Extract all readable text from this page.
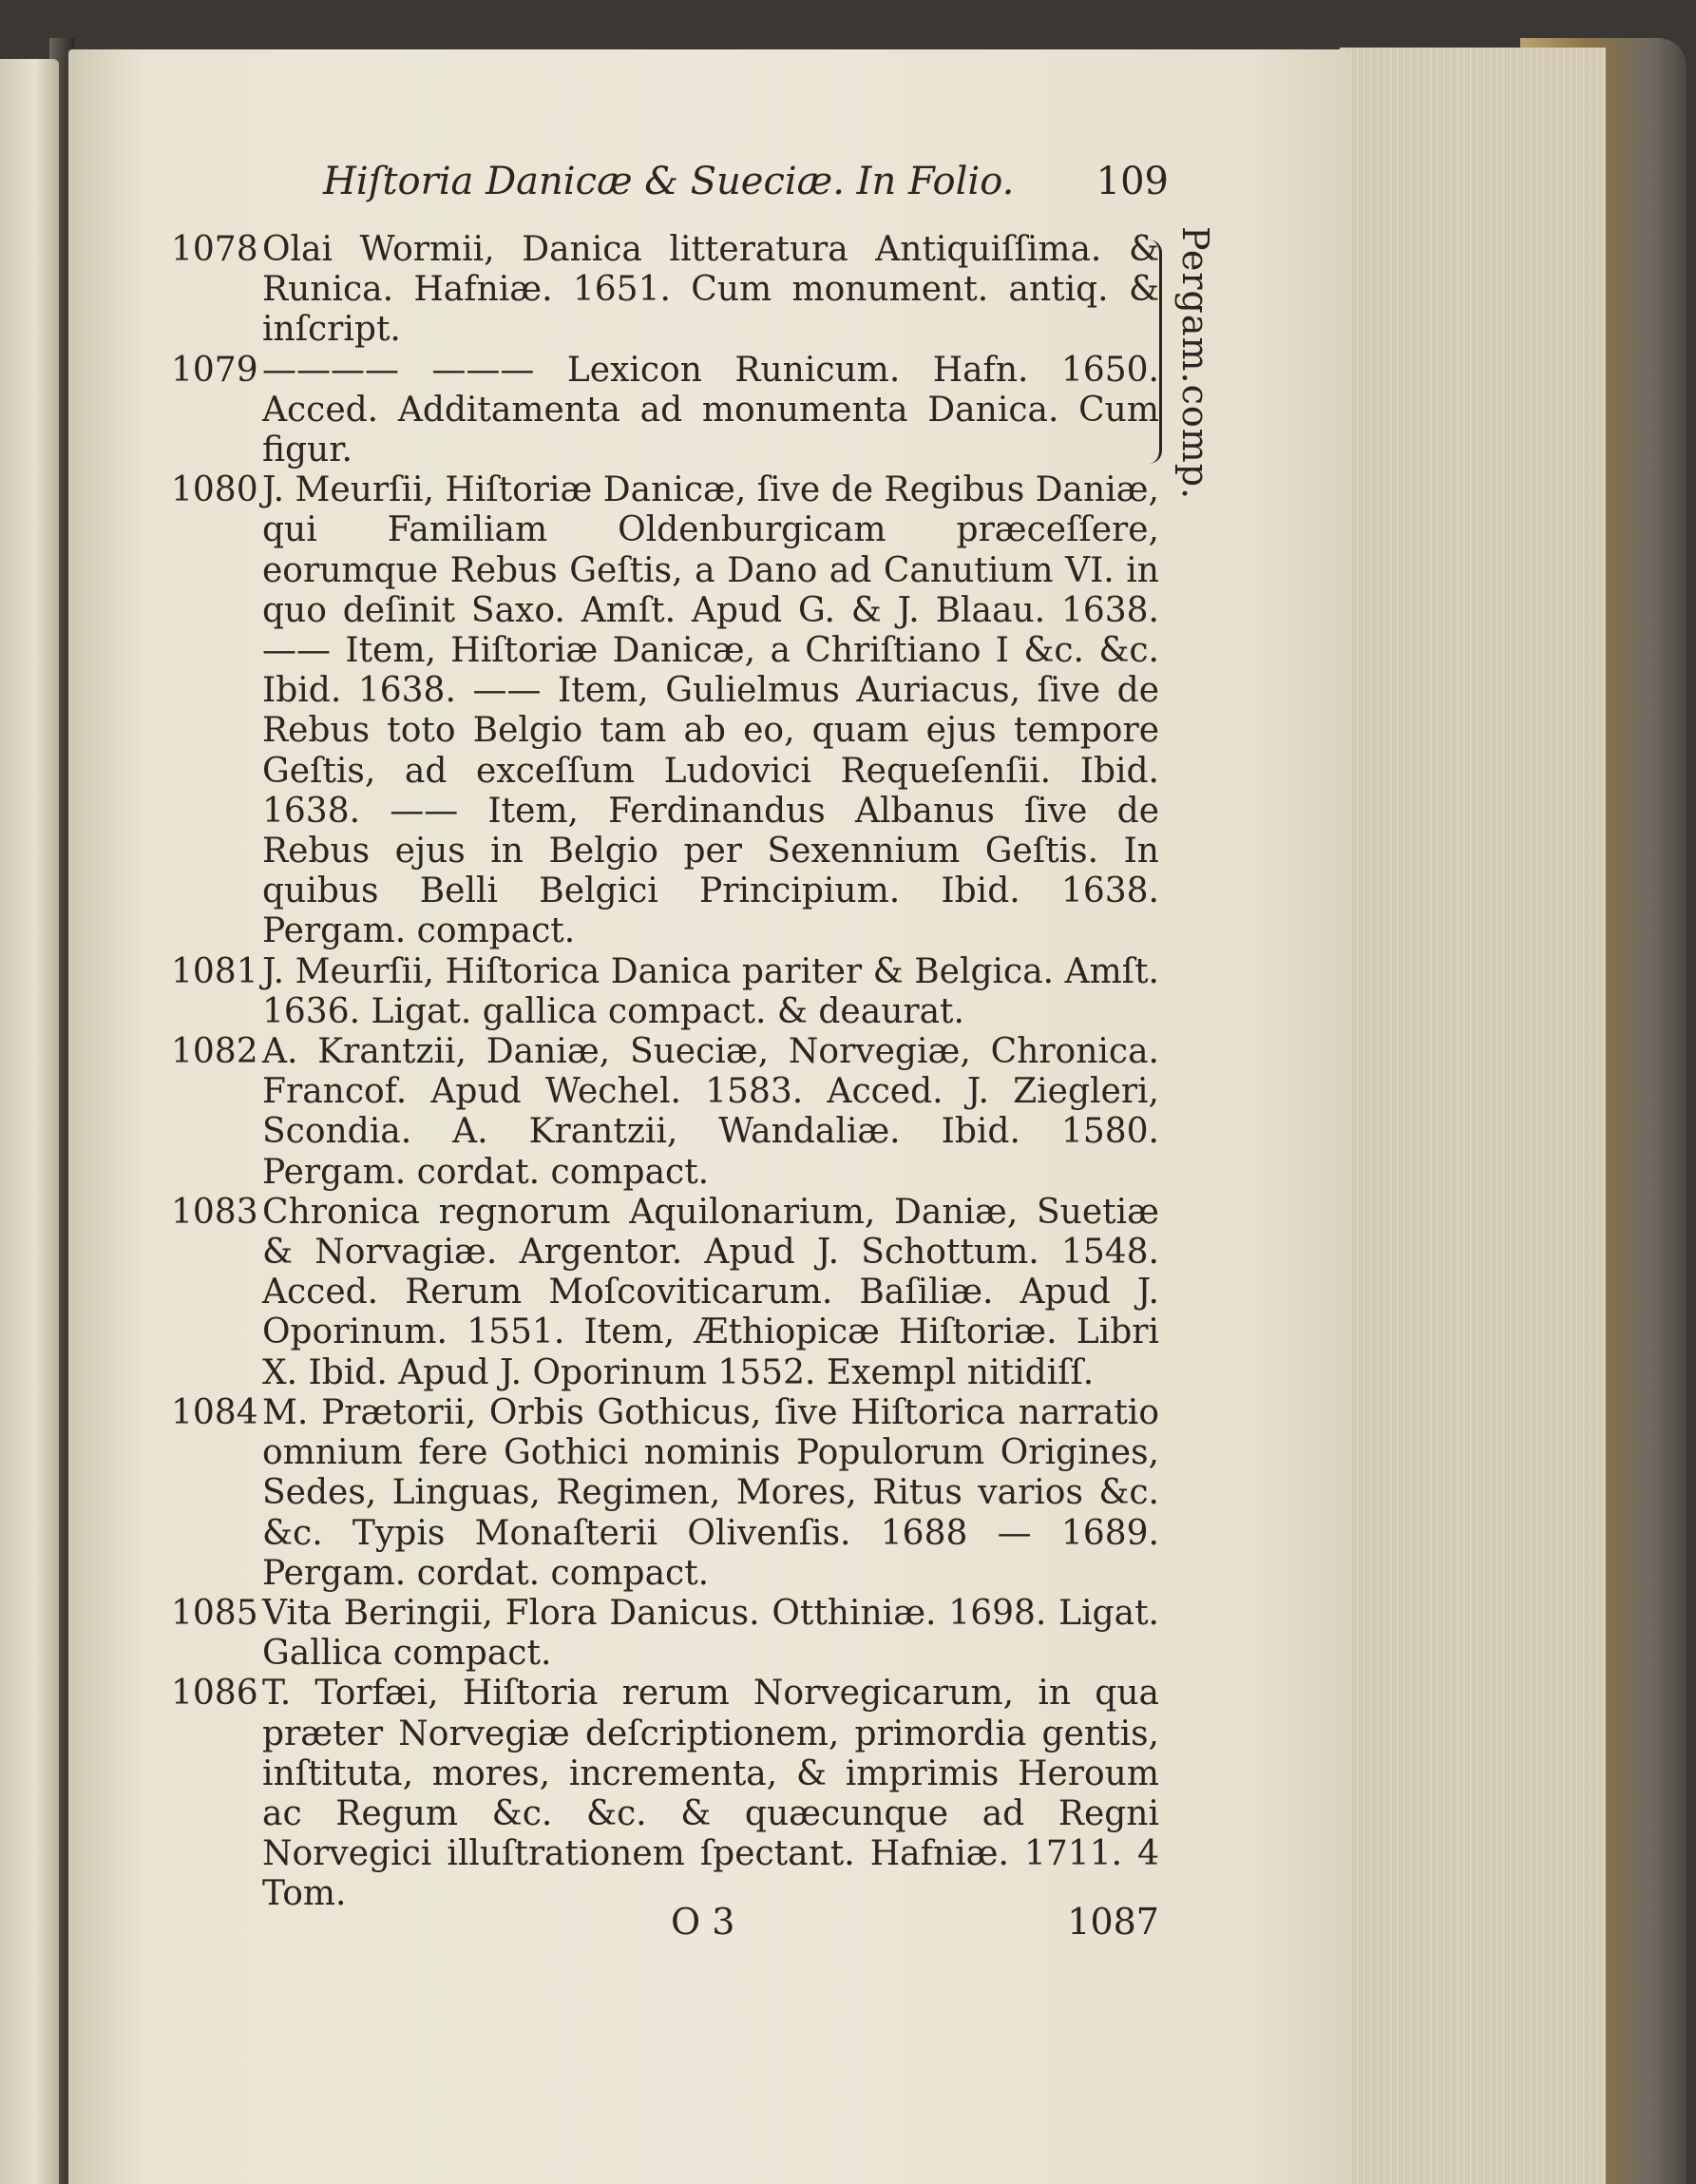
Hiſtoria Danicæ & Sueciæ. In Folio. 109
Pergam.comp.
1078 Olai Wormii, Danica litteratura Antiquiſſima. & Runica. Hafniæ. 1651. Cum monument. antiq. & inſcript.
1079 ———— ——— Lexicon Runicum. Hafn. 1650. Acced. Additamenta ad monumenta Danica. Cum figur.
1080 J. Meurſii, Hiſtoriæ Danicæ, ſive de Regibus Daniæ, qui Familiam Oldenburgicam præceſſere, eorumque Rebus Geſtis, a Dano ad Canutium VI. in quo deſinit Saxo. Amſt. Apud G. & J. Blaau. 1638. —— Item, Hiſtoriæ Danicæ, a Chriſtiano I &c. &c. Ibid. 1638. —— Item, Gulielmus Auriacus, ſive de Rebus toto Belgio tam ab eo, quam ejus tempore Geſtis, ad exceſſum Ludovici Requeſenſii. Ibid. 1638. —— Item, Ferdinandus Albanus ſive de Rebus ejus in Belgio per Sexennium Geſtis. In quibus Belli Belgici Principium. Ibid. 1638. Pergam. compact.
1081 J. Meurſii, Hiſtorica Danica pariter & Belgica. Amſt. 1636. Ligat. gallica compact. & deaurat.
1082 A. Krantzii, Daniæ, Sueciæ, Norvegiæ, Chronica. Francof. Apud Wechel. 1583. Acced. J. Ziegleri, Scondia. A. Krantzii, Wandaliæ. Ibid. 1580. Pergam. cordat. compact.
1083 Chronica regnorum Aquilonarium, Daniæ, Suetiæ & Norvagiæ. Argentor. Apud J. Schottum. 1548. Acced. Rerum Moſcoviticarum. Baſiliæ. Apud J. Oporinum. 1551. Item, Æthiopicæ Hiſtoriæ. Libri X. Ibid. Apud J. Oporinum 1552. Exempl nitidiſſ.
1084 M. Prætorii, Orbis Gothicus, ſive Hiſtorica narratio omnium fere Gothici nominis Populorum Origines, Sedes, Linguas, Regimen, Mores, Ritus varios &c. &c. Typis Monaſterii Olivenſis. 1688 — 1689. Pergam. cordat. compact.
1085 Vita Beringii, Flora Danicus. Otthiniæ. 1698. Ligat. Gallica compact.
1086 T. Torfæi, Hiſtoria rerum Norvegicarum, in qua præter Norvegiæ deſcriptionem, primordia gentis, inſtituta, mores, incrementa, & imprimis Heroum ac Regum &c. &c. & quæcunque ad Regni Norvegici illuſtrationem ſpectant. Hafniæ. 1711. 4 Tom.
O 3	1087
